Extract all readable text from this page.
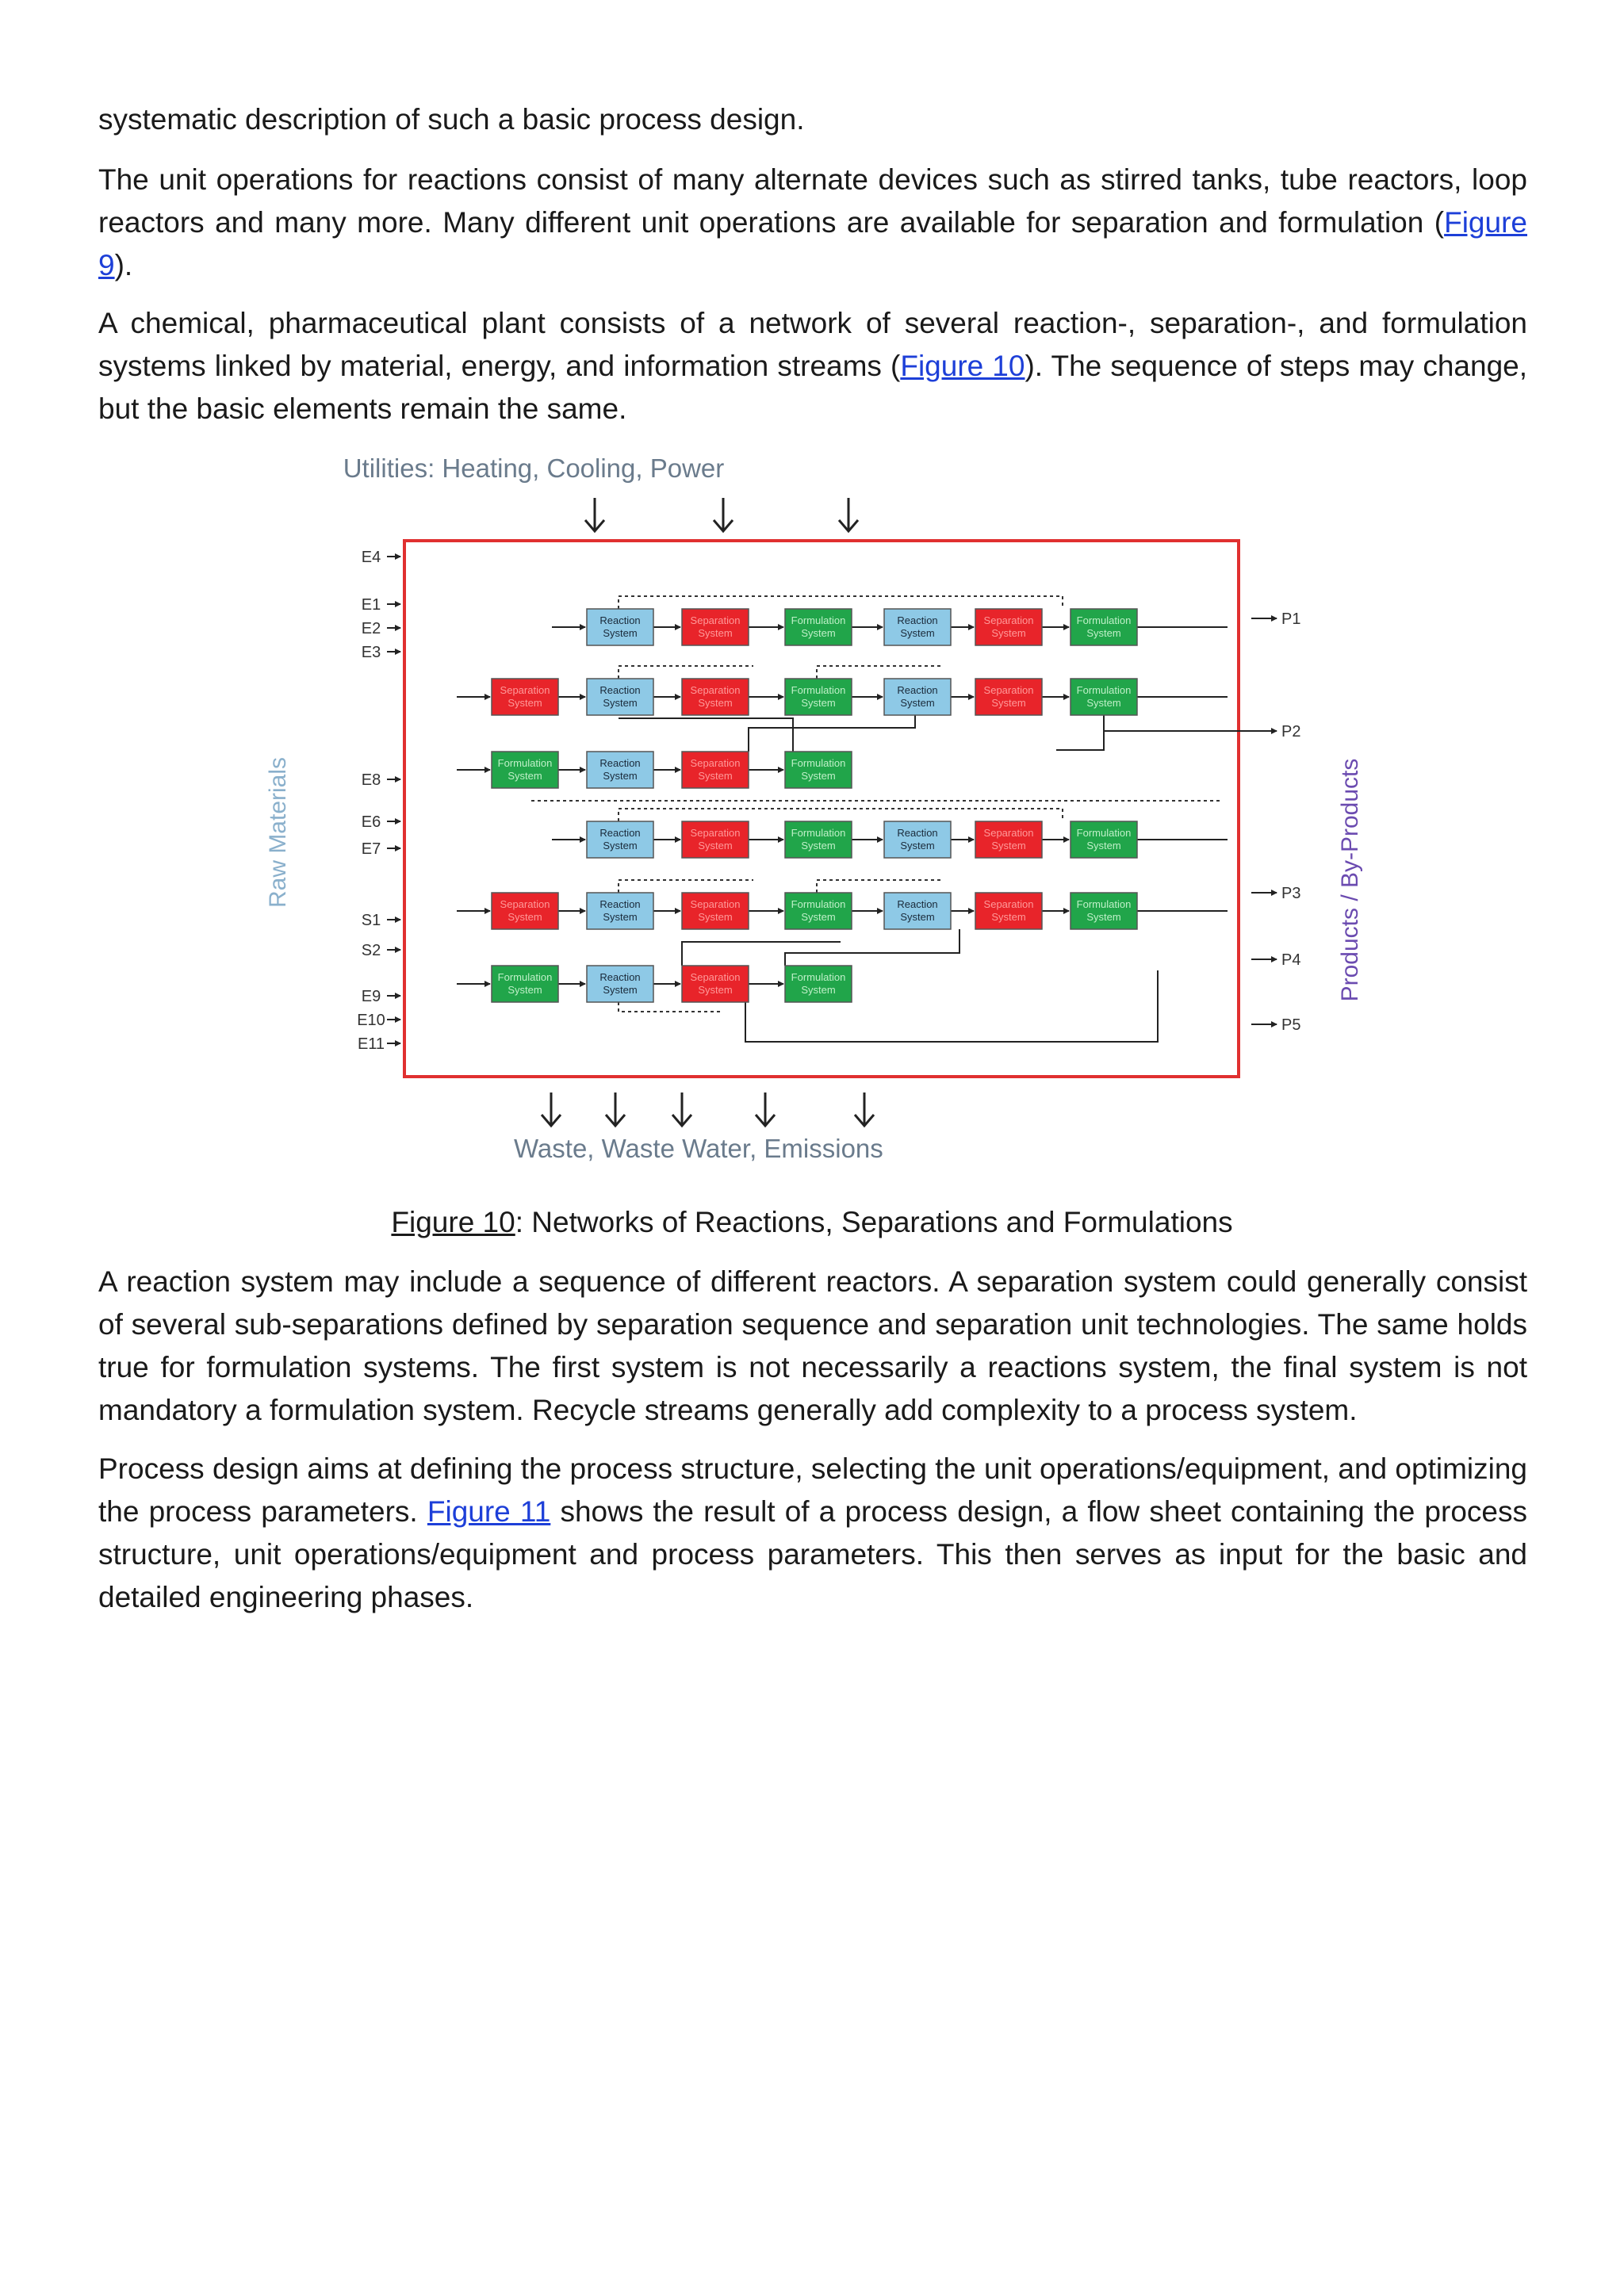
systematic description of such a basic process design.

The unit operations for reactions consist of many alternate devices such as stirred tanks, tube reactors, loop reactors and many more. Many different unit operations are available for separation and formulation (Figure 9).

A chemical, pharmaceutical plant consists of a network of several reaction-, separation-, and formulation systems linked by material, energy, and information streams (Figure 10). The sequence of steps may change, but the basic elements remain the same.

Utilities: Heating, Cooling, Power
Raw Materials	Products / By-Products
E4
E1
E2
E3
E8
E6
E7
S1
S2
E9
E10
E11
P1
P2
P3
P4
P5
Reaction
System
Separation
System
Formulation
System
Reaction
System
Separation
System
Formulation
System
Separation
System
Reaction
System
Separation
System
Formulation
System
Reaction
System
Separation
System
Formulation
System
Formulation
System
Reaction
System
Separation
System
Formulation
System
Reaction
System
Separation
System
Formulation
System
Reaction
System
Separation
System
Formulation
System
Separation
System
Reaction
System
Separation
System
Formulation
System
Reaction
System
Separation
System
Formulation
System
Formulation
System
Reaction
System
Separation
System
Formulation
System
Waste, Waste Water, Emissions
Figure 10: Networks of Reactions, Separations and Formulations

A reaction system may include a sequence of different reactors. A separation system could generally consist of several sub-separations defined by separation sequence and separation unit technologies. The same holds true for formulation systems. The first system is not necessarily a reactions system, the final system is not mandatory a formulation system. Recycle streams generally add complexity to a process system.

Process design aims at defining the process structure, selecting the unit operations/equipment, and optimizing the process parameters. Figure 11 shows the result of a process design, a flow sheet containing the process structure, unit operations/equipment and process parameters. This then serves as input for the basic and detailed engineering phases.
